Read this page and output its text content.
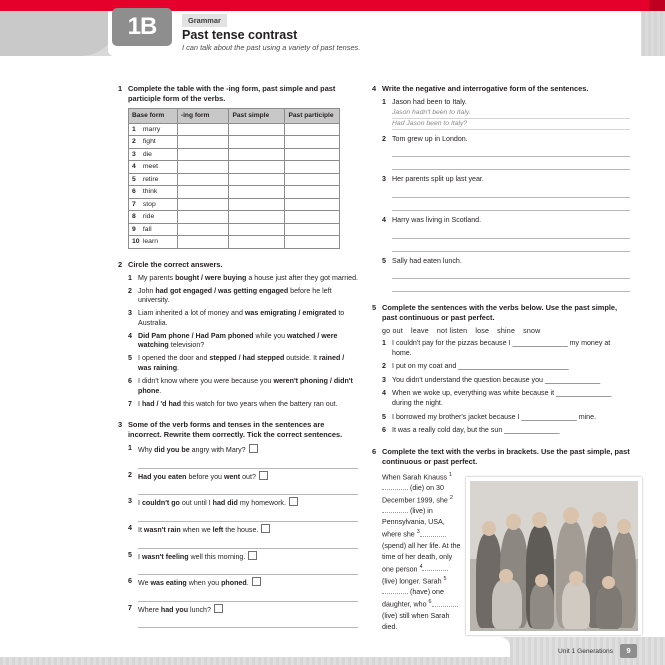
1B	Grammar
Past tense contrast
I can talk about the past using a variety of past tenses.
1 Complete the table with the -ing form, past simple and past participle form of the verbs.
Base form	-ing form	Past simple	Past participle
1 marry			
2 fight			
3 die			
4 meet			
5 retire			
6 think			
7 stop			
8 ride			
9 fall			
10 learn			
2 Circle the correct answers.
1 My parents bought / were buying a house just after they got married.
2 John had got engaged / was getting engaged before he left university.
3 Liam inherited a lot of money and was emigrating / emigrated to Australia.
4 Did Pam phone / Had Pam phoned while you watched / were watching television?
5 I opened the door and stepped / had stepped outside. It rained / was raining.
6 I didn't know where you were because you weren't phoning / didn't phone.
7 I had / 'd had this watch for two years when the battery ran out.
3 Some of the verb forms and tenses in the sentences are incorrect. Rewrite them correctly. Tick the correct sentences.
1 Why did you be angry with Mary?
2 Had you eaten before you went out?
3 I couldn't go out until I had did my homework.
4 It wasn't rain when we left the house.
5 I wasn't feeling well this morning.
6 We was eating when you phoned.
7 Where had you lunch?
4 Write the negative and interrogative form of the sentences.
1 Jason had been to Italy.
Jason hadn't been to Italy.
Had Jason been to Italy?
2 Tom grew up in London.
3 Her parents split up last year.
4 Harry was living in Scotland.
5 Sally had eaten lunch.
5 Complete the sentences with the verbs below. Use the past simple, past continuous or past perfect.
go out leave not listen lose shine snow
1 I couldn't pay for the pizzas because I ______________ my money at home.
2 I put on my coat and ____________________________
3 You didn't understand the question because you ______________
4 When we woke up, everything was white because it ______________ during the night.
5 I borrowed my brother's jacket because I ______________ mine.
6 It was a really cold day, but the sun ______________
6 Complete the text with the verbs in brackets. Use the past simple, past continuous or past perfect.
When Sarah Knauss $^1$ (die) on 30 December 1999, she $^2$ (live) in Pennsylvania, USA, where she $^3$ (spend) all her life. At the time of her death, only one person $^4$ (live) longer. Sarah $^5$ (have) one daughter, who $^6$ (live) still when Sarah died.
Unit 1 Generations	9
